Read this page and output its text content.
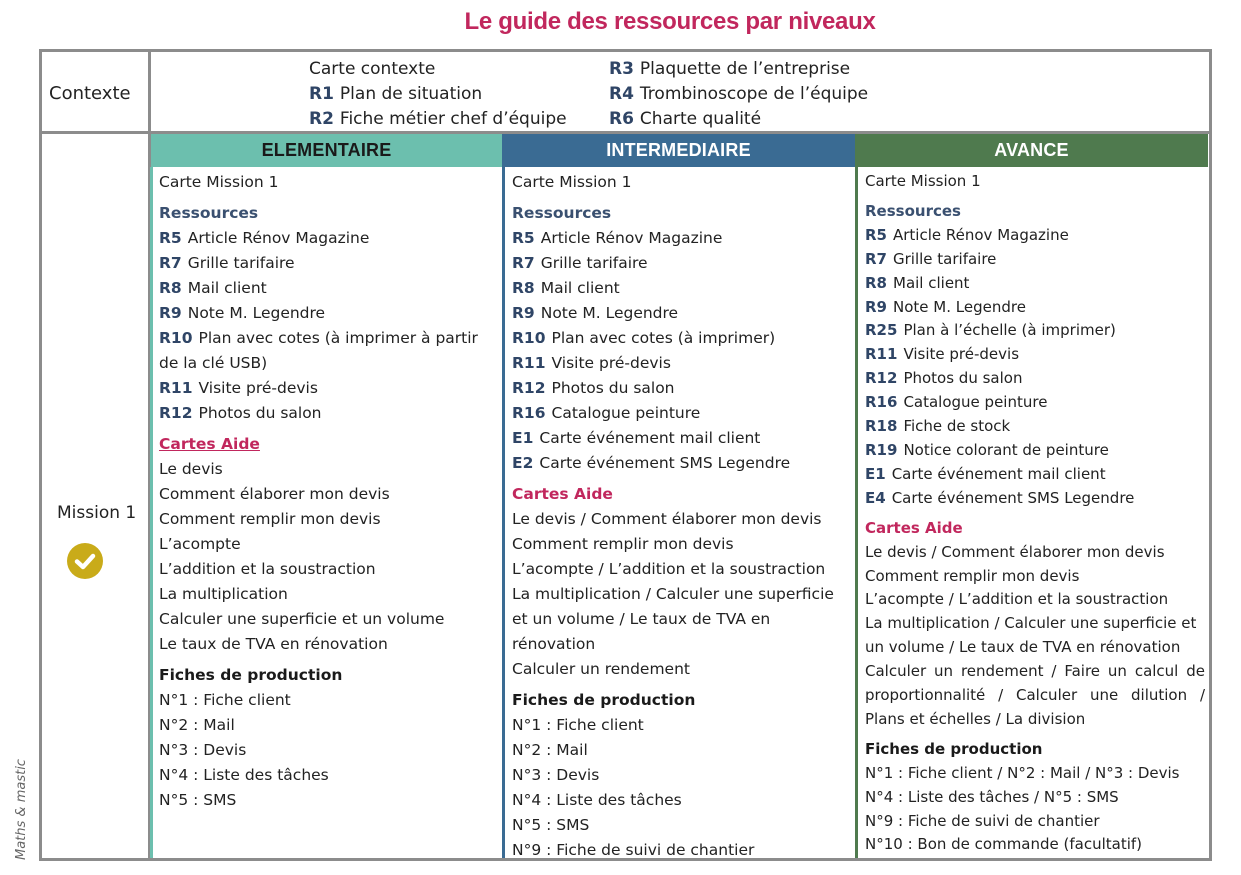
Le guide des ressources par niveaux
Contexte
Carte contexte
R1 Plan de situation
R2 Fiche métier chef d’équipe
R3 Plaquette de l’entreprise
R4 Trombinoscope de l’équipe
R6 Charte qualité
Mission 1
ELEMENTAIRE	INTERMEDIAIRE	AVANCE
Carte Mission 1
Ressources
R5 Article Rénov Magazine
R7 Grille tarifaire
R8 Mail client
R9 Note M. Legendre
R10 Plan avec cotes (à imprimer à partir de la clé USB)
R11 Visite pré-devis
R12 Photos du salon
Cartes Aide
Le devis
Comment élaborer mon devis
Comment remplir mon devis
L’acompte
L’addition et la soustraction
La multiplication
Calculer une superficie et un volume
Le taux de TVA en rénovation
Fiches de production
N°1 : Fiche client
N°2 : Mail
N°3 : Devis
N°4 : Liste des tâches
N°5 : SMS
Carte Mission 1
Ressources
R5 Article Rénov Magazine
R7 Grille tarifaire
R8 Mail client
R9 Note M. Legendre
R10 Plan avec cotes (à imprimer)
R11 Visite pré-devis
R12 Photos du salon
R16 Catalogue peinture
E1 Carte événement mail client
E2 Carte événement SMS Legendre
Cartes Aide
Le devis / Comment élaborer mon devis
Comment remplir mon devis
L’acompte / L’addition et la soustraction
La multiplication / Calculer une superficie et un volume / Le taux de TVA en rénovation
Calculer un rendement
Fiches de production
N°1 : Fiche client
N°2 : Mail
N°3 : Devis
N°4 : Liste des tâches
N°5 : SMS
N°9 : Fiche de suivi de chantier
Carte Mission 1
Ressources
R5 Article Rénov Magazine
R7 Grille tarifaire
R8 Mail client
R9 Note M. Legendre
R25 Plan à l’échelle (à imprimer)
R11 Visite pré-devis
R12 Photos du salon
R16 Catalogue peinture
R18 Fiche de stock
R19 Notice colorant de peinture
E1 Carte événement mail client
E4 Carte événement SMS Legendre
Cartes Aide
Le devis / Comment élaborer mon devis
Comment remplir mon devis
L’acompte / L’addition et la soustraction
La multiplication / Calculer une superficie et un volume / Le taux de TVA en rénovation
Calculer un rendement / Faire un calcul de proportionnalité / Calculer une dilution / Plans et échelles / La division
Fiches de production
N°1 : Fiche client / N°2 : Mail / N°3 : Devis
N°4 : Liste des tâches / N°5 : SMS
N°9 : Fiche de suivi de chantier
N°10 : Bon de commande (facultatif)
Maths & mastic
